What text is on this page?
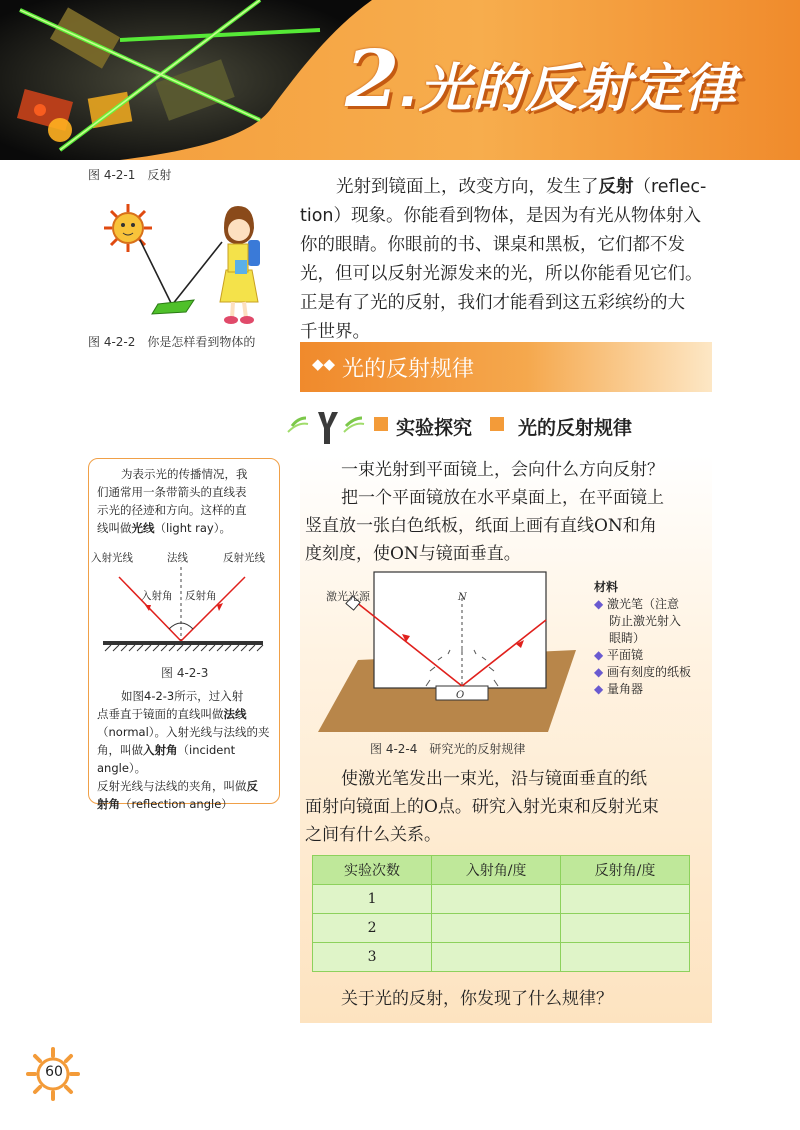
2 . 光的反射定律
图 4-2-1　反射
图 4-2-2　你是怎样看到物体的
光射到镜面上，改变方向，发生了反射（reflec-
tion）现象。你能看到物体，是因为有光从物体射入
你的眼睛。你眼前的书、课桌和黑板，它们都不发
光，但可以反射光源发来的光，所以你能看见它们。
正是有了光的反射，我们才能看到这五彩缤纷的大
千世界。
◆◆ 光的反射规律
实验探究 光的反射规律
一束光射到平面镜上，会向什么方向反射？
把一个平面镜放在水平桌面上，在平面镜上
竖直放一张白色纸板，纸面上画有直线ON和角
度刻度，使ON与镜面垂直。
激光光源	N
O
材料
◆ 激光笔（注意
防止激光射入
眼睛）
◆ 平面镜
◆ 画有刻度的纸板
◆ 量角器
图 4-2-4　研究光的反射规律
使激光笔发出一束光，沿与镜面垂直的纸
面射向镜面上的O点。研究入射光束和反射光束
之间有什么关系。
实验次数	入射角/度	反射角/度
1		
2		
3		
关于光的反射，你发现了什么规律？
为表示光的传播情况，我
们通常用一条带箭头的直线表
示光的径迹和方向。这样的直
线叫做光线（light ray）。
入射光线	法线	反射光线
入射角 反射角
图 4-2-3
如图4-2-3所示，过入射
点垂直于镜面的直线叫做法线
（normal）。入射光线与法线的夹
角，叫做入射角（incident angle）。
反射光线与法线的夹角，叫做反
射角（reflection angle）
60
